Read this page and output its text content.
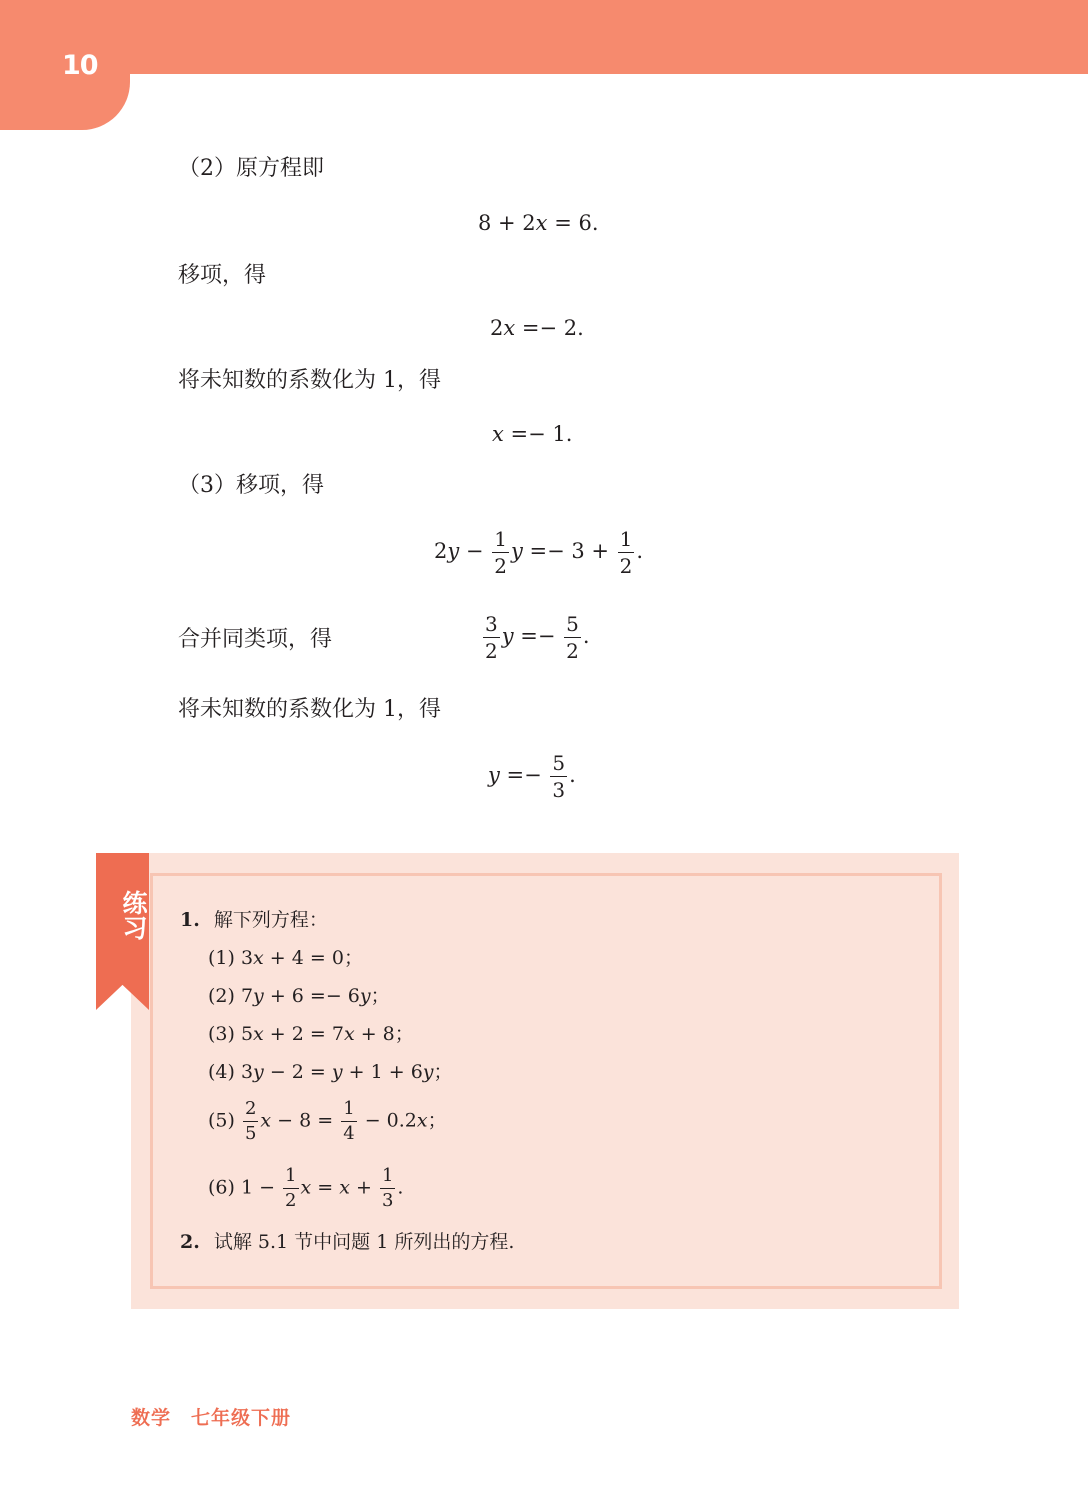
10
（2）原方程即
8 + 2x = 6.
移项，得
2x =− 2.
将未知数的系数化为 1，得
x =− 1.
（3）移项，得
$2y - \frac{1}{2}$ $y =- 3 + \frac{1}{2}$ .
合并同类项，得	$\frac{3}{2}$ $y =- \frac{5}{2}$ .
将未知数的系数化为 1，得
$y =- \frac{5}{3}$ .
练习 1. 解下列方程：
(1) 3x + 4 = 0；
(2) 7y + 6 =− 6y；
(3) 5x + 2 = 7x + 8；
(4) 3y − 2 = y + 1 + 6y；
$(5) \frac{2}{5}$ $x - 8 = \frac{1}{4} - 0.2x$；
(6) $1 - \frac{1}{2}$ $x = x + \frac{1}{3}$ .
2. 试解 5.1 节中问题 1 所列出的方程.
数学 七年级下册
